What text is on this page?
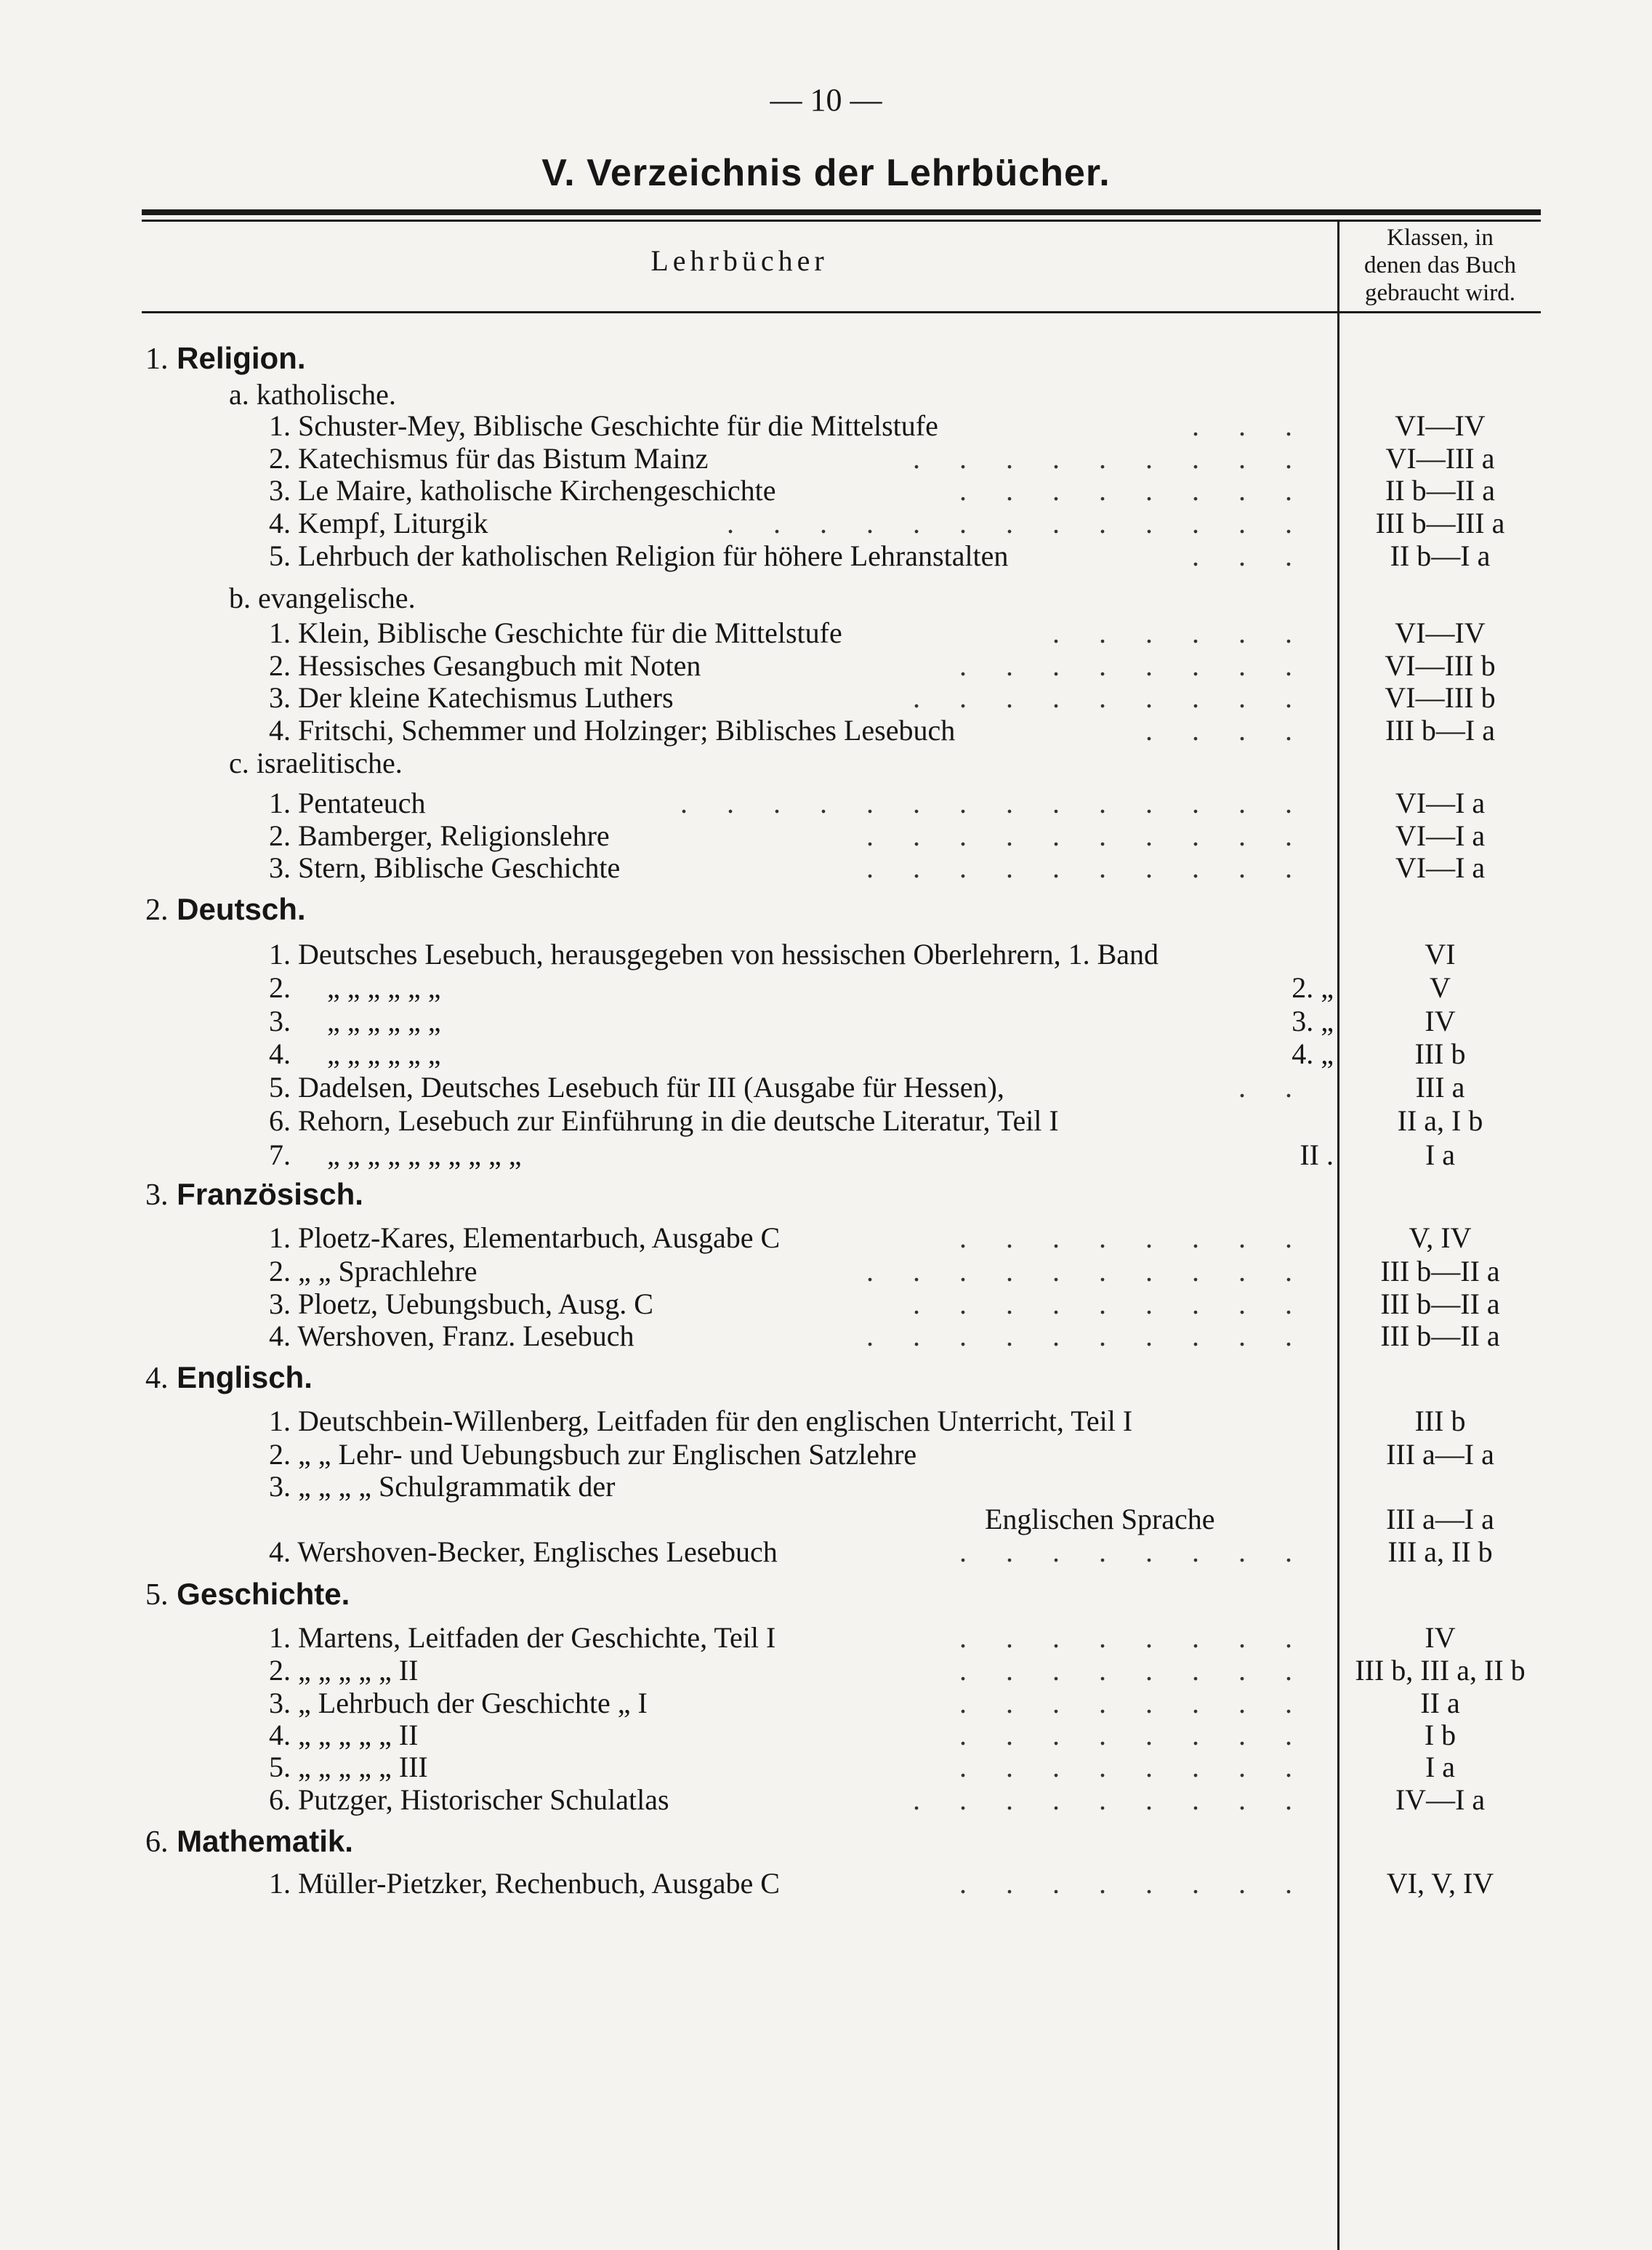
— 10 —
V. Verzeichnis der Lehrbücher.
Lehrbücher
Klassen, in
denen das Buch
gebraucht wird.
1. Religion.
a. katholische.
1. Schuster-Mey, Biblische Geschichte für die Mittelstufe	. . .	VI—IV
2. Katechismus für das Bistum Mainz	. . . . . . . . .	VI—III a
3. Le Maire, katholische Kirchengeschichte	. . . . . . . .	II b—II a
4. Kempf, Liturgik	. . . . . . . . . . . . .	III b—III a
5. Lehrbuch der katholischen Religion für höhere Lehranstalten	. . .	II b—I a
b. evangelische.
1. Klein, Biblische Geschichte für die Mittelstufe	. . . . . .	VI—IV
2. Hessisches Gesangbuch mit Noten	. . . . . . . .	VI—III b
3. Der kleine Katechismus Luthers	. . . . . . . . .	VI—III b
4. Fritschi, Schemmer und Holzinger; Biblisches Lesebuch	. . . .	III b—I a
c. israelitische.
1. Pentateuch	. . . . . . . . . . . . . .	VI—I a
2. Bamberger, Religionslehre	. . . . . . . . . .	VI—I a
3. Stern, Biblische Geschichte	. . . . . . . . . .	VI—I a
2. Deutsch.
1. Deutsches Lesebuch, herausgegeben von hessischen Oberlehrern, 1. Band	VI
2. „ „ „ „ „ „	2. „	V
3. „ „ „ „ „ „	3. „	IV
4. „ „ „ „ „ „	4. „	III b
5. Dadelsen, Deutsches Lesebuch für III (Ausgabe für Hessen),	. .	III a
6. Rehorn, Lesebuch zur Einführung in die deutsche Literatur, Teil I	II a, I b
7. „ „ „ „ „ „ „ „ „ „	II .	I a
3. Französisch.
1. Ploetz-Kares, Elementarbuch, Ausgabe C	. . . . . . . .	V, IV
2. „ „ Sprachlehre	. . . . . . . . . .	III b—II a
3. Ploetz, Uebungsbuch, Ausg. C	. . . . . . . . .	III b—II a
4. Wershoven, Franz. Lesebuch	. . . . . . . . . .	III b—II a
4. Englisch.
1. Deutschbein-Willenberg, Leitfaden für den englischen Unterricht, Teil I	III b
2. „ „ Lehr- und Uebungsbuch zur Englischen Satzlehre	III a—I a
3. „ „ „ „ Schulgrammatik der
Englischen Sprache	III a—I a
4. Wershoven-Becker, Englisches Lesebuch	. . . . . . . .	III a, II b
5. Geschichte.
1. Martens, Leitfaden der Geschichte, Teil I	. . . . . . . .	IV
2. „ „ „ „ „ II	. . . . . . . .	III b, III a, II b
3. „ Lehrbuch der Geschichte „ I	. . . . . . . .	II a
4. „ „ „ „ „ II	. . . . . . . .	I b
5. „ „ „ „ „ III	. . . . . . . .	I a
6. Putzger, Historischer Schulatlas	. . . . . . . . .	IV—I a
6. Mathematik.
1. Müller-Pietzker, Rechenbuch, Ausgabe C	. . . . . . . .	VI, V, IV
